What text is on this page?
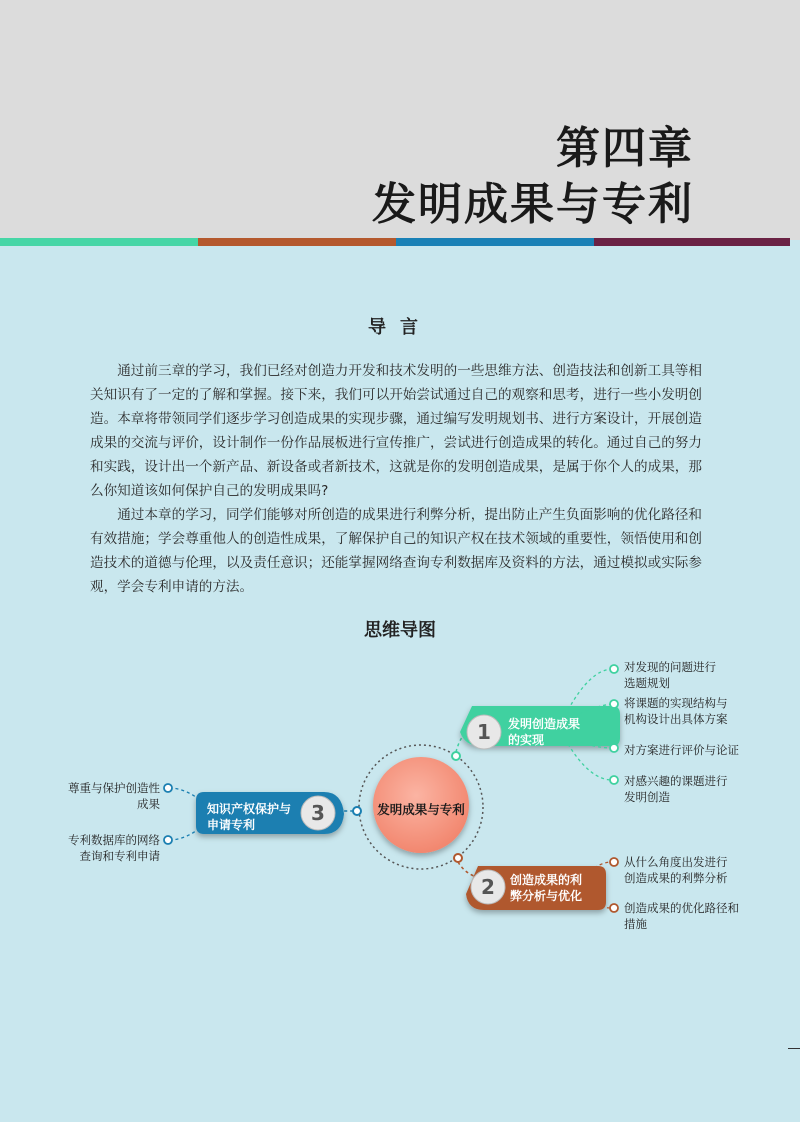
第四章
发明成果与专利
导言

通过前三章的学习，我们已经对创造力开发和技术发明的一些思维方法、创造技法和创新工具等相关知识有了一定的了解和掌握。接下来，我们可以开始尝试通过自己的观察和思考，进行一些小发明创造。本章将带领同学们逐步学习创造成果的实现步骤，通过编写发明规划书、进行方案设计，开展创造成果的交流与评价，设计制作一份作品展板进行宣传推广，尝试进行创造成果的转化。通过自己的努力和实践，设计出一个新产品、新设备或者新技术，这就是你的发明创造成果，是属于你个人的成果，那么你知道该如何保护自己的发明成果吗?

通过本章的学习，同学们能够对所创造的成果进行利弊分析，提出防止产生负面影响的优化路径和有效措施；学会尊重他人的创造性成果，了解保护自己的知识产权在技术领域的重要性，领悟使用和创造技术的道德与伦理，以及责任意识；还能掌握网络查询专利数据库及资料的方法，通过模拟或实际参观，学会专利申请的方法。

思维导图

发明成果与专利

1	发明创造成果
的实现

2	创造成果的利
弊分析与优化

3

知识产权保护与
申请专利

对发现的问题进行
选题规划

将课题的实现结构与
机构设计出具体方案

对方案进行评价与论证

对感兴趣的课题进行
发明创造

从什么角度出发进行
创造成果的利弊分析

创造成果的优化路径和
措施

尊重与保护创造性
成果

专利数据库的网络
查询和专利申请
